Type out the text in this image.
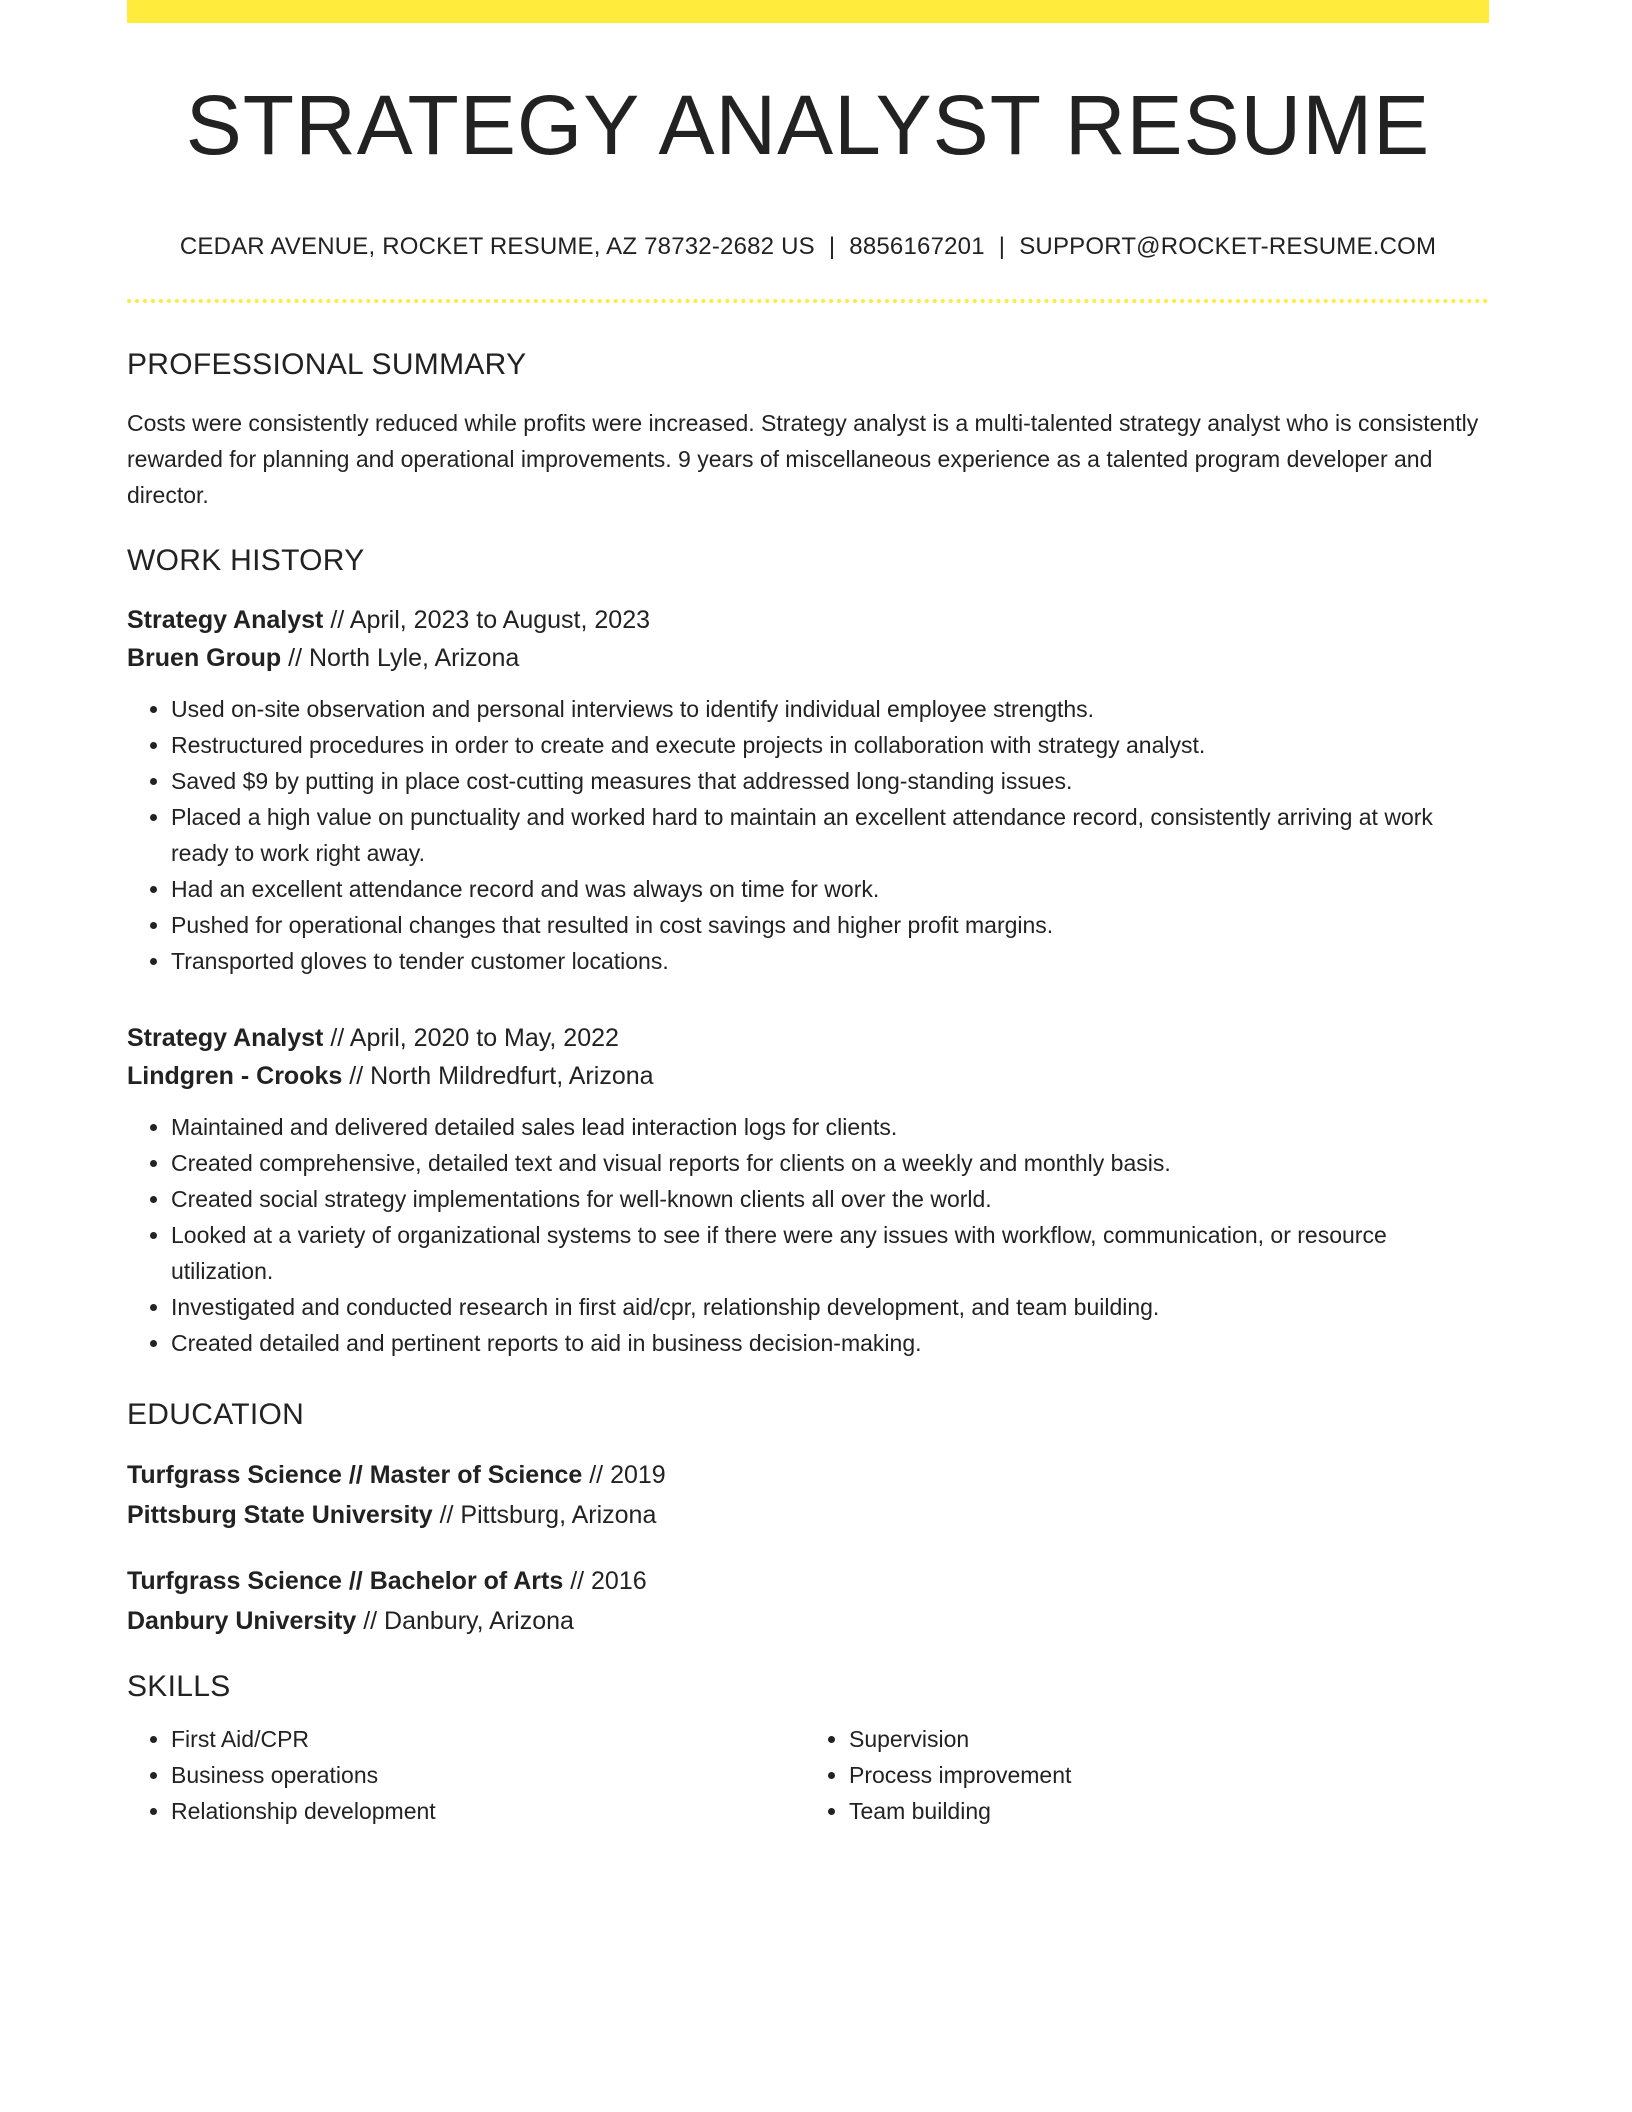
STRATEGY ANALYST RESUME
CEDAR AVENUE, ROCKET RESUME, AZ 78732-2682 US | 8856167201 | SUPPORT@ROCKET-RESUME.COM
PROFESSIONAL SUMMARY
Costs were consistently reduced while profits were increased. Strategy analyst is a multi-talented strategy analyst who is consistently rewarded for planning and operational improvements. 9 years of miscellaneous experience as a talented program developer and director.
WORK HISTORY
Strategy Analyst // April, 2023 to August, 2023
Bruen Group // North Lyle, Arizona
• Used on-site observation and personal interviews to identify individual employee strengths.
• Restructured procedures in order to create and execute projects in collaboration with strategy analyst.
• Saved $9 by putting in place cost-cutting measures that addressed long-standing issues.
• Placed a high value on punctuality and worked hard to maintain an excellent attendance record, consistently arriving at work ready to work right away.
• Had an excellent attendance record and was always on time for work.
• Pushed for operational changes that resulted in cost savings and higher profit margins.
• Transported gloves to tender customer locations.
Strategy Analyst // April, 2020 to May, 2022
Lindgren - Crooks // North Mildredfurt, Arizona
• Maintained and delivered detailed sales lead interaction logs for clients.
• Created comprehensive, detailed text and visual reports for clients on a weekly and monthly basis.
• Created social strategy implementations for well-known clients all over the world.
• Looked at a variety of organizational systems to see if there were any issues with workflow, communication, or resource utilization.
• Investigated and conducted research in first aid/cpr, relationship development, and team building.
• Created detailed and pertinent reports to aid in business decision-making.
EDUCATION
Turfgrass Science // Master of Science // 2019
Pittsburg State University // Pittsburg, Arizona
Turfgrass Science // Bachelor of Arts // 2016
Danbury University // Danbury, Arizona
SKILLS
• First Aid/CPR
• Business operations
• Relationship development
• Supervision
• Process improvement
• Team building
